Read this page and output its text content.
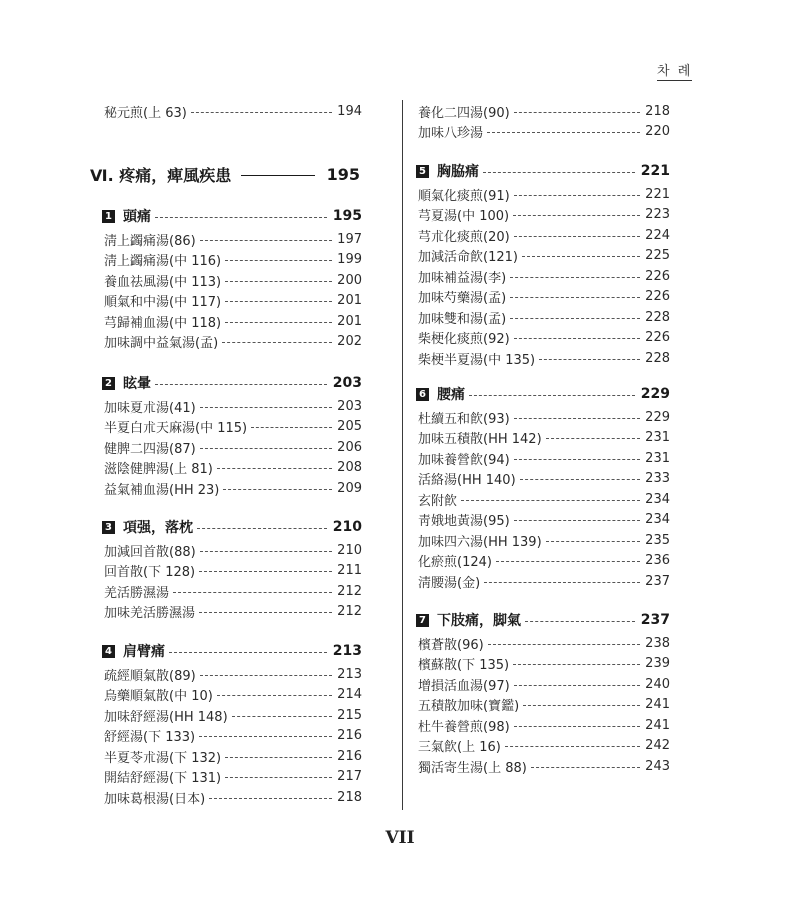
차 례
Ⅵ. 疼痛，痺風疾患	195
秘元煎(上 63)	194
1 頭痛	195
淸上蠲痛湯(86)	197
淸上蠲痛湯(中 116)	199
養血祛風湯(中 113)	200
順氣和中湯(中 117)	201
芎歸補血湯(中 118)	201
加味調中益氣湯(孟)	202
2 眩暈	203
加味夏朮湯(41)	203
半夏白朮天麻湯(中 115)	205
健脾二四湯(87)	206
滋陰健脾湯(上 81)	208
益氣補血湯(HH 23)	209
3 項强，落枕	210
加減回首散(88)	210
回首散(下 128)	211
羌活勝濕湯	212
加味羌活勝濕湯	212
4 肩臂痛	213
疏經順氣散(89)	213
烏藥順氣散(中 10)	214
加味舒經湯(HH 148)	215
舒經湯(下 133)	216
半夏苓朮湯(下 132)	216
開結舒經湯(下 131)	217
加味葛根湯(日本)	218
養化二四湯(90)	218
加味八珍湯	220
5 胸脇痛	221
順氣化痰煎(91)	221
芎夏湯(中 100)	223
芎朮化痰煎(20)	224
加減活命飮(121)	225
加味補益湯(李)	226
加味芍藥湯(孟)	226
加味雙和湯(孟)	228
柴梗化痰煎(92)	226
柴梗半夏湯(中 135)	228
6 腰痛	229
杜續五和飮(93)	229
加味五積散(HH 142)	231
加味養營飮(94)	231
活絡湯(HH 140)	233
玄附飮	234
靑娥地黃湯(95)	234
加味四六湯(HH 139)	235
化瘀煎(124)	236
淸腰湯(金)	237
7 下肢痛，脚氣	237
檳蒼散(96)	238
檳蘇散(下 135)	239
增損活血湯(97)	240
五積散加味(寶鑑)	241
杜牛養營煎(98)	241
三氣飮(上 16)	242
獨活寄生湯(上 88)	243
VII
